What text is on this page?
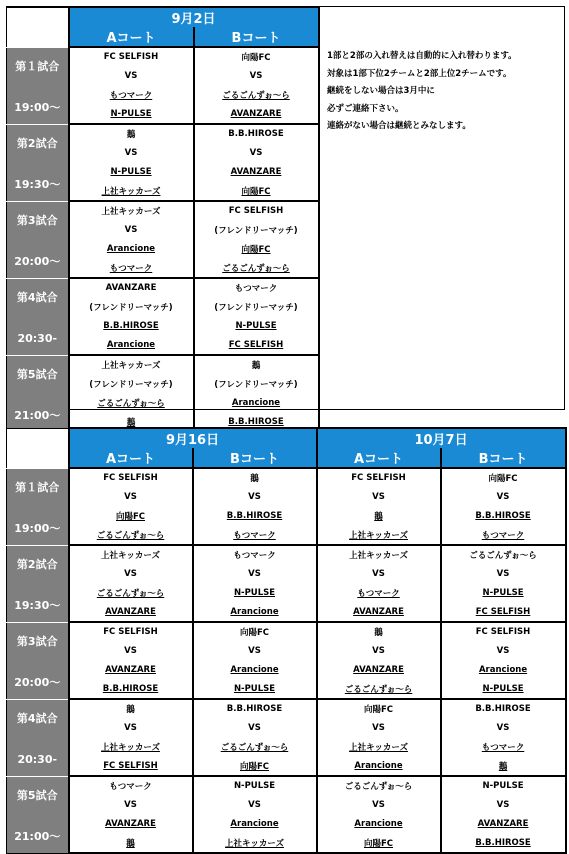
	9月2日	
	Aコート	Bコート

第１試合
19:00～	FC SELFISH	向陽FC
	VS	VS
	もつマーク	ごるごんずぉ～ら
	N-PULSE	AVANZARE

第2試合
19:30～	鵝	B.B.HIROSE
	VS	VS
	N-PULSE	AVANZARE
	上社キッカーズ	向陽FC

第3試合
20:00～	上社キッカーズ	FC SELFISH
	VS	(フレンドリーマッチ)
	Arancione	向陽FC
	もつマーク	ごるごんずぉ～ら

第4試合
20:30-	AVANZARE	もつマーク
	(フレンドリーマッチ)	(フレンドリーマッチ)
	B.B.HIROSE	N-PULSE
	Arancione	FC SELFISH

第5試合
21:00～	上社キッカーズ	鵝
	(フレンドリーマッチ)	(フレンドリーマッチ)
	ごるごんずぉ～ら	Arancione
	鵝	B.B.HIROSE

1部と2部の入れ替えは自動的に入れ替わります。

対象は1部下位2チームと2部上位2チームです。

継続をしない場合は3月中に

必ずご連絡下さい。

連絡がない場合は継続とみなします。

	9月16日		10月7日	
	Aコート	Bコート	Aコート	Bコート

第１試合
19:00～	FC SELFISH	鵝	FC SELFISH	向陽FC
	VS	VS	VS	VS
	向陽FC	B.B.HIROSE	鵝	B.B.HIROSE
	ごるごんずぉ～ら	もつマーク	上社キッカーズ	もつマーク

第2試合
19:30～	上社キッカーズ	もつマーク	上社キッカーズ	ごるごんずぉ～ら
	VS	VS	VS	VS
	ごるごんずぉ～ら	N-PULSE	もつマーク	N-PULSE
	AVANZARE	Arancione	AVANZARE	FC SELFISH

第3試合
20:00～	FC SELFISH	向陽FC	鵝	FC SELFISH
	VS	VS	VS	VS
	AVANZARE	Arancione	AVANZARE	Arancione
	B.B.HIROSE	N-PULSE	ごるごんずぉ～ら	N-PULSE

第4試合
20:30-	鵝	B.B.HIROSE	向陽FC	B.B.HIROSE
	VS	VS	VS	VS
	上社キッカーズ	ごるごんずぉ～ら	上社キッカーズ	もつマーク
	FC SELFISH	向陽FC	Arancione	鵝

第5試合
21:00～	もつマーク	N-PULSE	ごるごんずぉ～ら	N-PULSE
	VS	VS	VS	VS
	AVANZARE	Arancione	Arancione	AVANZARE
	鵝	上社キッカーズ	向陽FC	B.B.HIROSE
